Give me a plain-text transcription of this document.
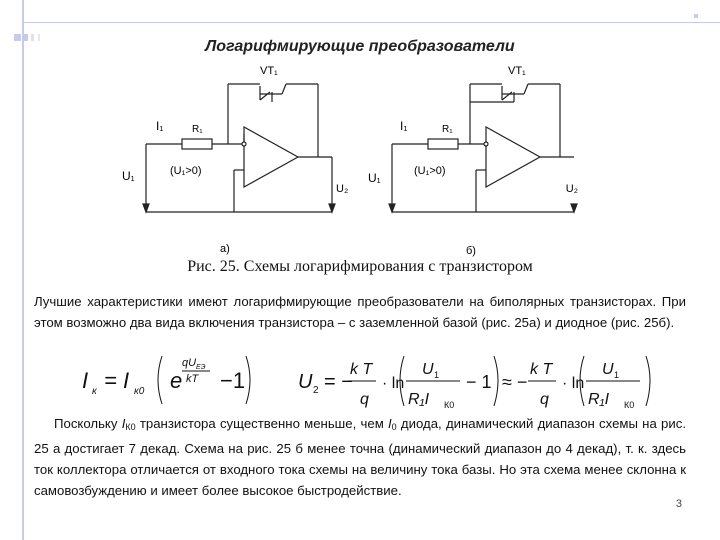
Логарифмирующие преобразователи
VT₁
I₁	R₁
U₁	(U₁>0)
U₂
а)
VT₁
I₁	R₁
U₁	(U₁>0)
U₂
б)
Рис. 25. Схемы логарифмирования с транзистором
Лучшие характеристики имеют логарифмирующие преобразователи на биполярных транзисторах. При этом возможно два вида включения транзистора – с заземленной базой (рис. 25а) и диодное (рис. 25б).
I к = I к0 e
qU ЕЭ
kT −1	U 2 = −
k T
q
· ln
U 1
R₁I К0
− 1 ≈ −
k T
q
· ln
U 1
R₁I К0
Поскольку $I_{К0}$ транзистора существенно меньше, чем $I_0$ диода, динамический диапазон схемы на рис. 25 а достигает 7 декад. Схема на рис. 25 б менее точна (динамический диапазон до 4 декад), т. к. здесь ток коллектора отличается от входного тока схемы на величину тока базы. Но эта схема менее склонна к самовозбуждению и имеет более высокое быстродействие.
3
